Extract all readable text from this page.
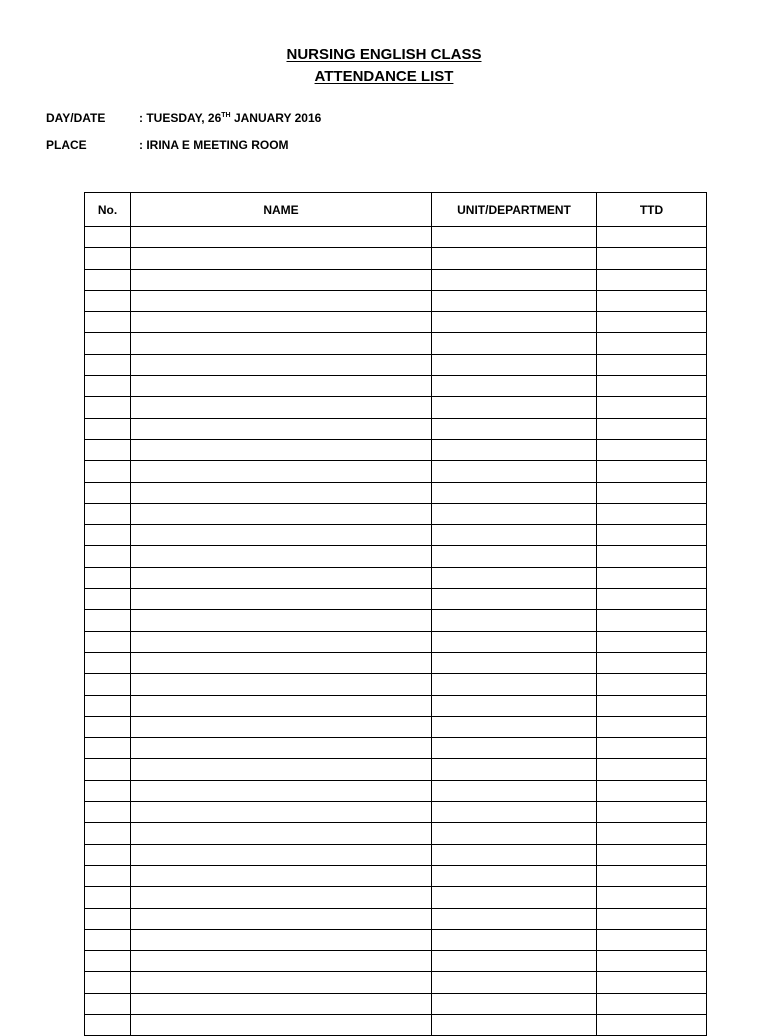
NURSING ENGLISH CLASS
ATTENDANCE LIST
DAY/DATE	: TUESDAY, 26TH JANUARY 2016
PLACE	: IRINA E MEETING ROOM
No.	NAME	UNIT/DEPARTMENT	TTD
